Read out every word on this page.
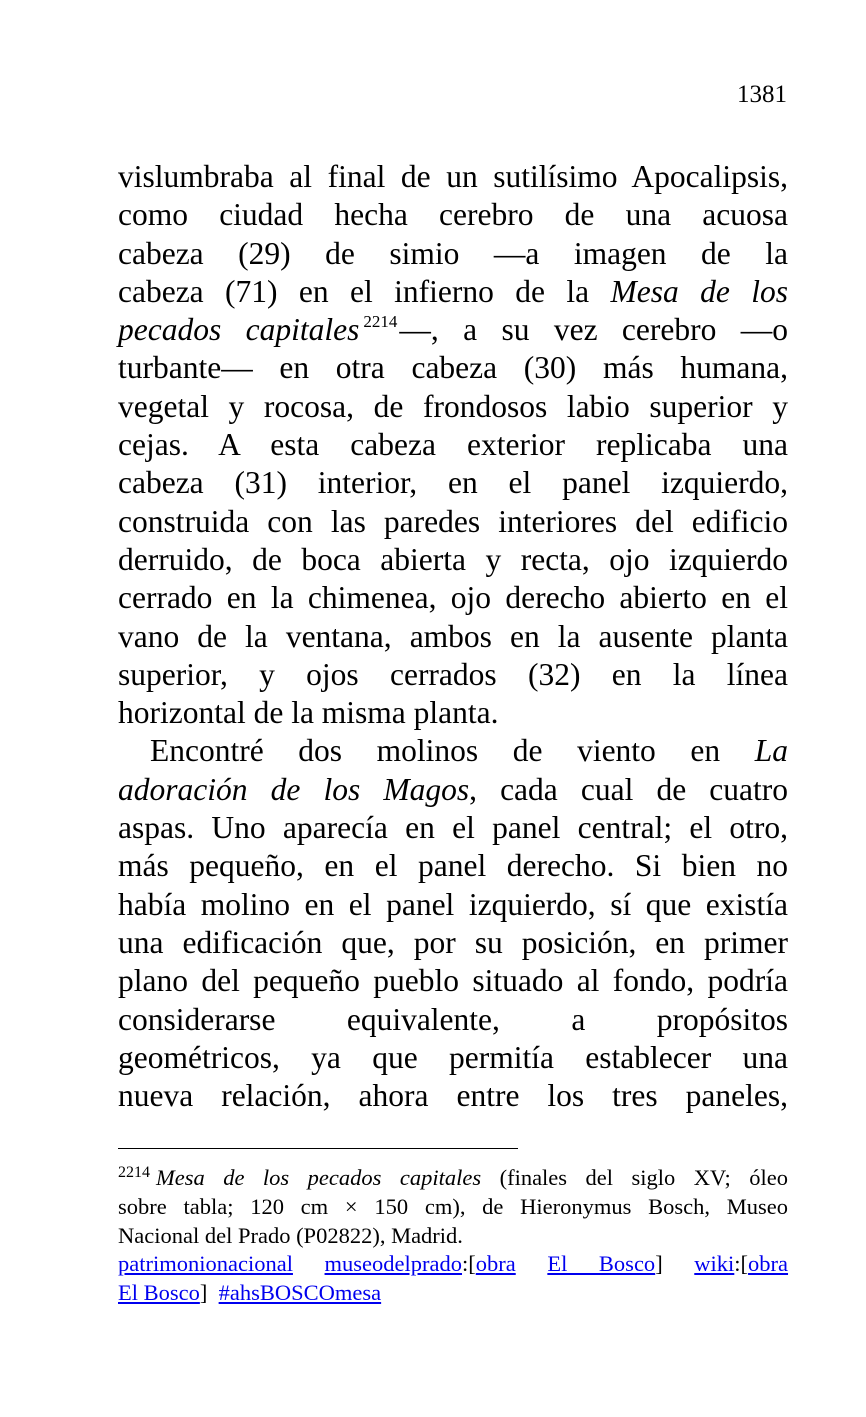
1381

vislumbraba al final de un sutilísimo Apocalipsis,
como ciudad hecha cerebro de una acuosa
cabeza (29) de simio —a imagen de la
cabeza (71) en el infierno de la Mesa de los
pecados capitales $^{2214}$—, a su vez cerebro —o
turbante— en otra cabeza (30) más humana,
vegetal y rocosa, de frondosos labio superior y
cejas. A esta cabeza exterior replicaba una
cabeza (31) interior, en el panel izquierdo,
construida con las paredes interiores del edificio
derruido, de boca abierta y recta, ojo izquierdo
cerrado en la chimenea, ojo derecho abierto en el
vano de la ventana, ambos en la ausente planta
superior, y ojos cerrados (32) en la línea
horizontal de la misma planta.

Encontré dos molinos de viento en La
adoración de los Magos, cada cual de cuatro
aspas. Uno aparecía en el panel central; el otro,
más pequeño, en el panel derecho. Si bien no
había molino en el panel izquierdo, sí que existía
una edificación que, por su posición, en primer
plano del pequeño pueblo situado al fondo, podría
considerarse equivalente, a propósitos
geométricos, ya que permitía establecer una
nueva relación, ahora entre los tres paneles,

$^{2214}$ Mesa de los pecados capitales (finales del siglo XV; óleo
sobre tabla; 120 cm × 150 cm), de Hieronymus Bosch, Museo
Nacional del Prado (P02822), Madrid.
patrimonionacional museodelprado:[obra El Bosco] wiki:[obra
El Bosco] #ahsBOSCOmesa
